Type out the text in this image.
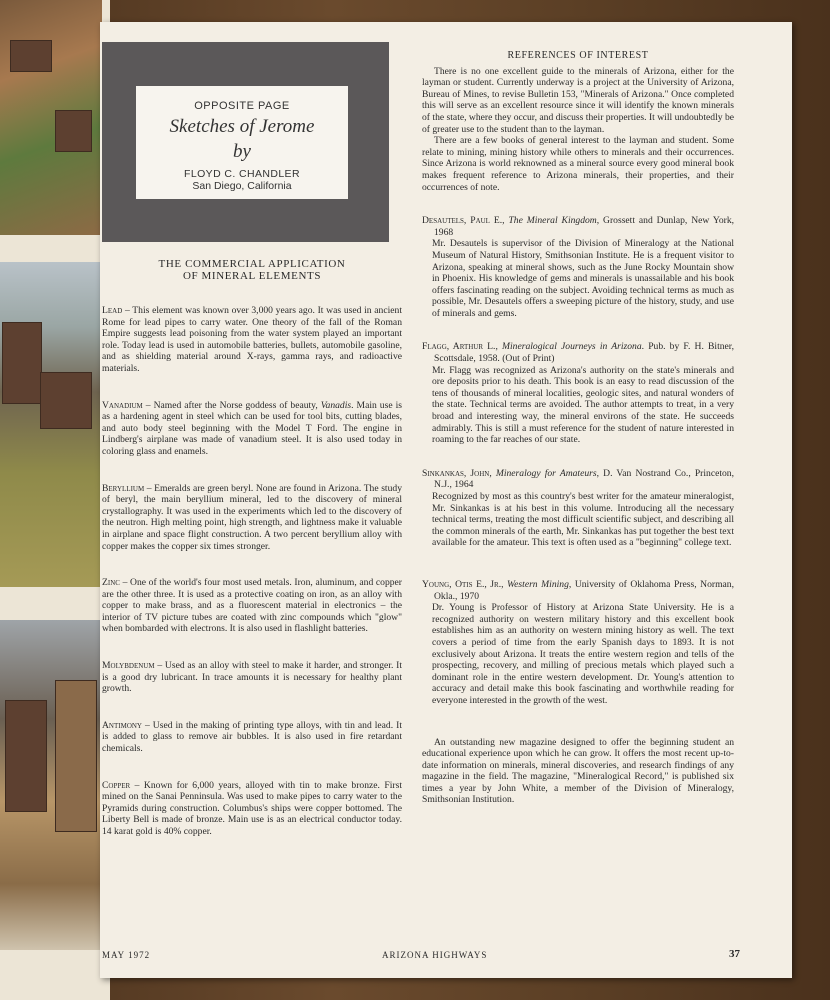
OPPOSITE PAGE
Sketches of Jerome
by
FLOYD C. CHANDLER
San Diego, California
THE COMMERCIAL APPLICATION
OF MINERAL ELEMENTS

Lead – This element was known over 3,000 years ago. It was used in ancient Rome for lead pipes to carry water. One theory of the fall of the Roman Empire suggests lead poisoning from the water system played an important role. Today lead is used in automobile batteries, bullets, automobile gasoline, and as shielding material around X-rays, gamma rays, and radioactive materials.

Vanadium – Named after the Norse goddess of beauty, Vanadis. Main use is as a hardening agent in steel which can be used for tool bits, cutting blades, and auto body steel beginning with the Model T Ford. The engine in Lindberg's airplane was made of vanadium steel. It is also used today in coloring glass and enamels.

Beryllium – Emeralds are green beryl. None are found in Arizona. The study of beryl, the main beryllium mineral, led to the discovery of mineral crystallography. It was used in the experiments which led to the discovery of the neutron. High melting point, high strength, and lightness make it valuable in airplane and space flight construction. A two percent beryllium alloy with copper makes the copper six times stronger.

Zinc – One of the world's four most used metals. Iron, aluminum, and copper are the other three. It is used as a protective coating on iron, as an alloy with copper to make brass, and as a fluorescent material in electronics – the interior of TV picture tubes are coated with zinc compounds which "glow" when bombarded with electrons. It is also used in flashlight batteries.

Molybdenum – Used as an alloy with steel to make it harder, and stronger. It is a good dry lubricant. In trace amounts it is necessary for healthy plant growth.

Antimony – Used in the making of printing type alloys, with tin and lead. It is added to glass to remove air bubbles. It is also used in fire retardant chemicals.

Copper – Known for 6,000 years, alloyed with tin to make bronze. First mined on the Sanai Penninsula. Was used to make pipes to carry water to the Pyramids during construction. Columbus's ships were copper bottomed. The Liberty Bell is made of bronze. Main use is as an electrical conductor today. 14 karat gold is 40% copper.

REFERENCES OF INTEREST

There is no one excellent guide to the minerals of Arizona, either for the layman or student. Currently underway is a project at the University of Arizona, Bureau of Mines, to revise Bulletin 153, "Minerals of Arizona." Once completed this will serve as an excellent resource since it will identify the known minerals of the state, where they occur, and discuss their properties. It will undoubtedly be of greater use to the student than to the layman.

There are a few books of general interest to the layman and student. Some relate to mining, mining history while others to minerals and their occurrences. Since Arizona is world reknowned as a mineral source every good mineral book makes frequent reference to Arizona minerals, their properties, and their occurrences of note.

Desautels, Paul E., The Mineral Kingdom, Grossett and Dunlap, New York, 1968

Mr. Desautels is supervisor of the Division of Mineralogy at the National Museum of Natural History, Smithsonian Institute. He is a frequent visitor to Arizona, speaking at mineral shows, such as the June Rocky Mountain show in Phoenix. His knowledge of gems and minerals is unassailable and his book offers fascinating reading on the subject. Avoiding technical terms as much as possible, Mr. Desautels offers a sweeping picture of the history, study, and use of minerals and gems.

Flagg, Arthur L., Mineralogical Journeys in Arizona. Pub. by F. H. Bitner, Scottsdale, 1958. (Out of Print)

Mr. Flagg was recognized as Arizona's authority on the state's minerals and ore deposits prior to his death. This book is an easy to read discussion of the tens of thousands of mineral localities, geologic sites, and natural wonders of the state. Technical terms are avoided. The author attempts to treat, in a very broad and interesting way, the mineral environs of the state. He succeeds admirably. This is still a must reference for the student of nature interested in roaming to the far reaches of our state.

Sinkankas, John, Mineralogy for Amateurs, D. Van Nostrand Co., Princeton, N.J., 1964

Recognized by most as this country's best writer for the amateur mineralogist, Mr. Sinkankas is at his best in this volume. Introducing all the necessary technical terms, treating the most difficult scientific subject, and describing all the common minerals of the earth, Mr. Sinkankas has put together the best text available for the amateur. This text is often used as a "beginning" college text.

Young, Otis E., Jr., Western Mining, University of Oklahoma Press, Norman, Okla., 1970

Dr. Young is Professor of History at Arizona State University. He is a recognized authority on western military history and this excellent book establishes him as an authority on western mining history as well. The text covers a period of time from the early Spanish days to 1893. It is not exclusively about Arizona. It treats the entire western region and tells of the prospecting, recovery, and milling of precious metals which played such a dominant role in the entire western development. Dr. Young's attention to accuracy and detail make this book fascinating and worthwhile reading for everyone interested in the growth of the west.

An outstanding new magazine designed to offer the beginning student an educational experience upon which he can grow. It offers the most recent up-to-date information on minerals, mineral discoveries, and research findings of any magazine in the field. The magazine, "Mineralogical Record," is published six times a year by John White, a member of the Division of Mineralogy, Smithsonian Institution.

MAY 1972	ARIZONA HIGHWAYS	37
